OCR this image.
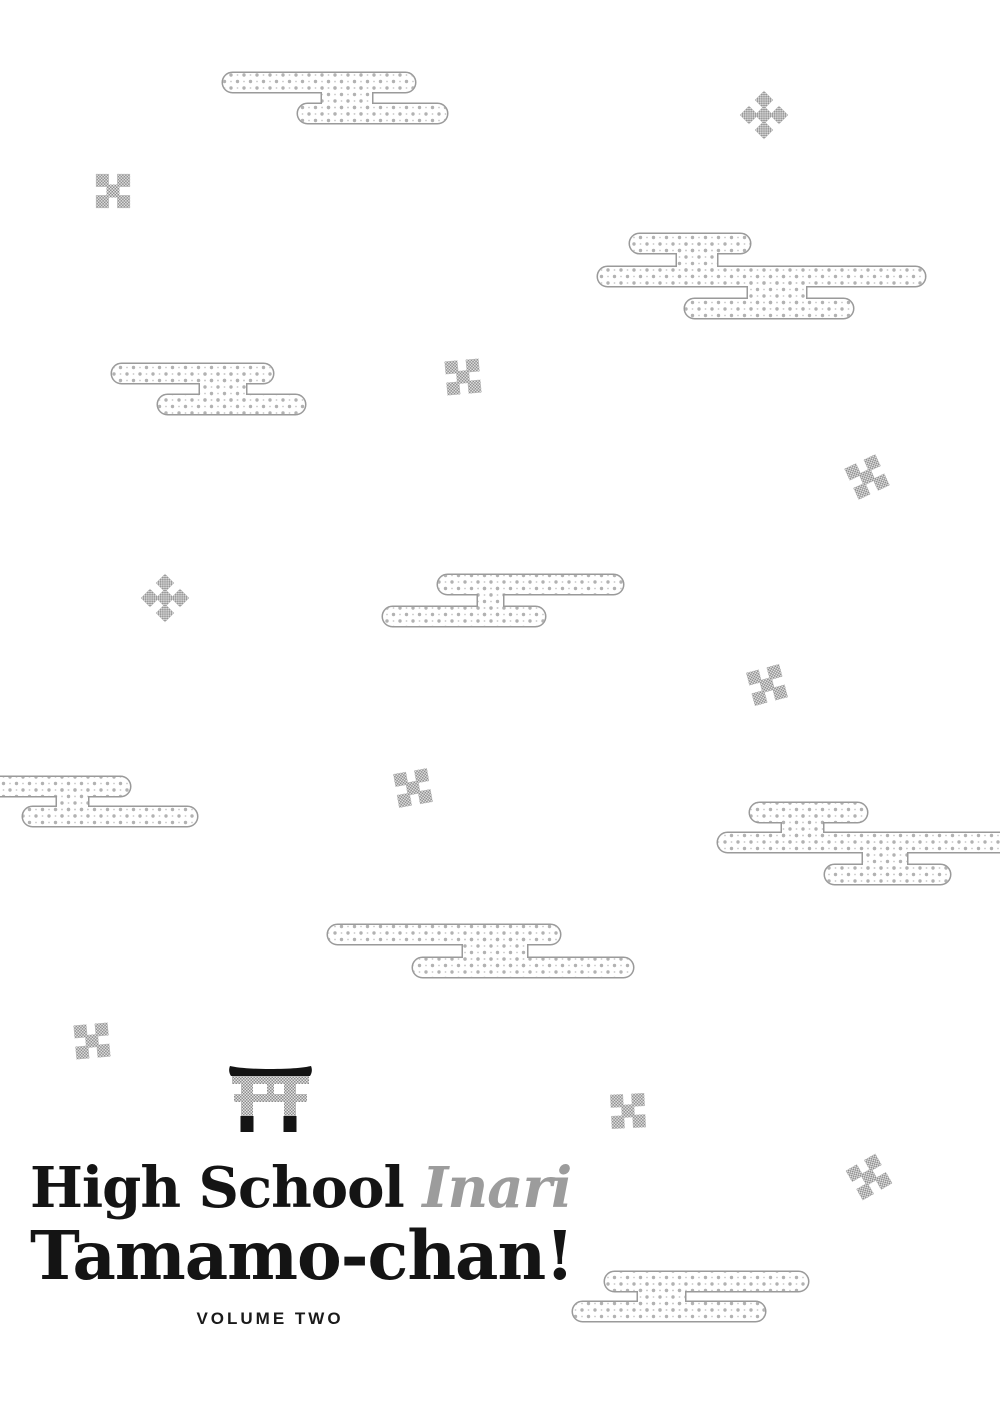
High School Inari
Tamamo-chan!
VOLUME TWO
